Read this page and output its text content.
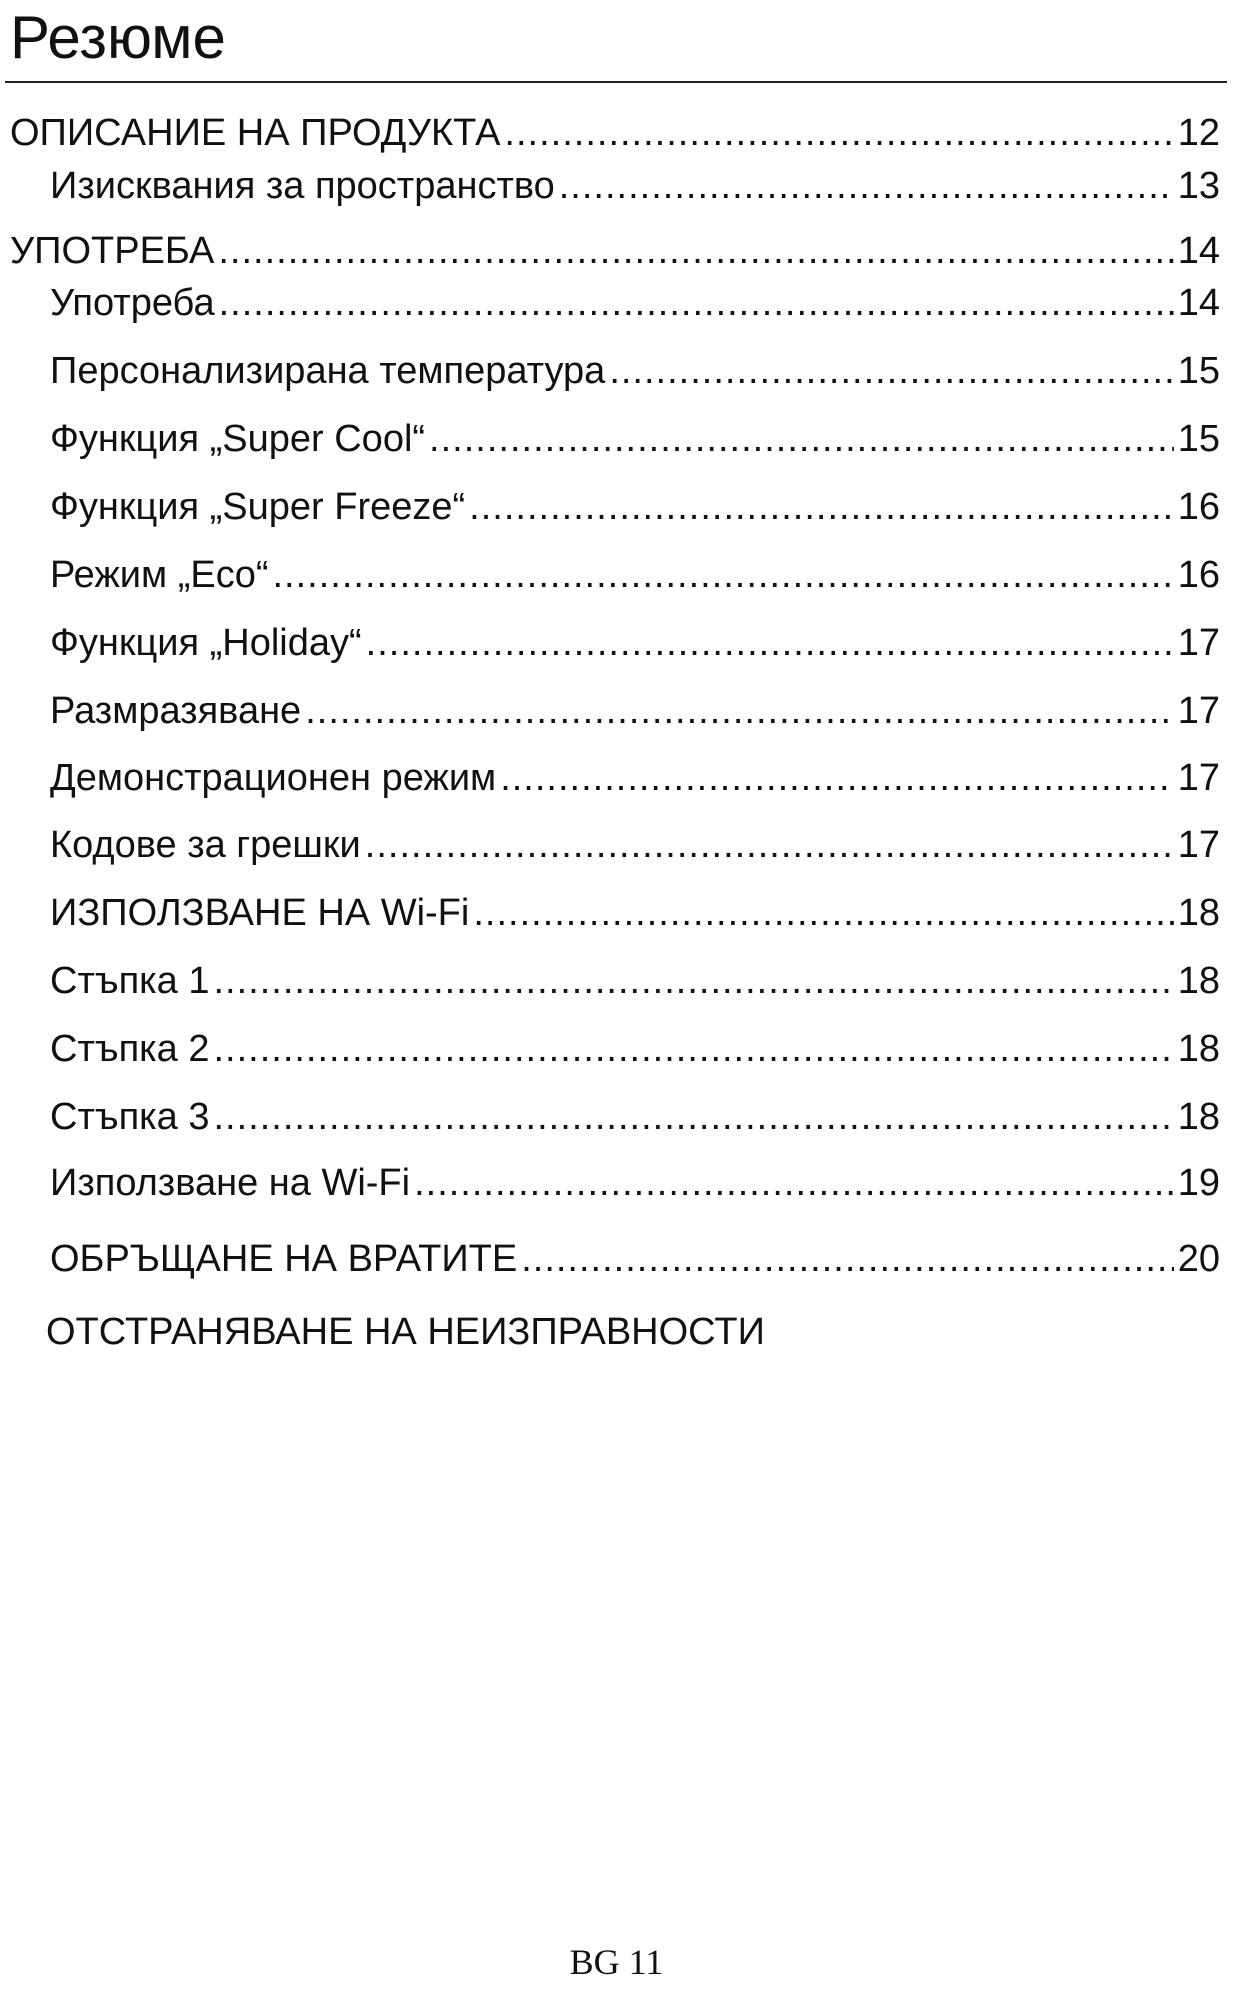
Резюме
ОПИСАНИЕ НА ПРОДУКТА .....	12
Изисквания за пространство .....	13
УПОТРЕБА .....	14
Употреба .....	14
Персонализирана температура .....	15
Функция „Super Cool“ .....	15
Функция „Super Freeze“ .....	16
Режим „Eco“ .....	16
Функция „Holiday“ .....	17
Размразяване .....	17
Демонстрационен режим .....	17
Кодове за грешки .....	17
ИЗПОЛЗВАНЕ НА Wi-Fi .....	18
Стъпка 1 .....	18
Стъпка 2 .....	18
Стъпка 3 .....	18
Използване на Wi-Fi .....	19
ОБРЪЩАНЕ НА ВРАТИТЕ .....	20
ОТСТРАНЯВАНЕ НА НЕИЗПРАВНОСТИ
BG 11
